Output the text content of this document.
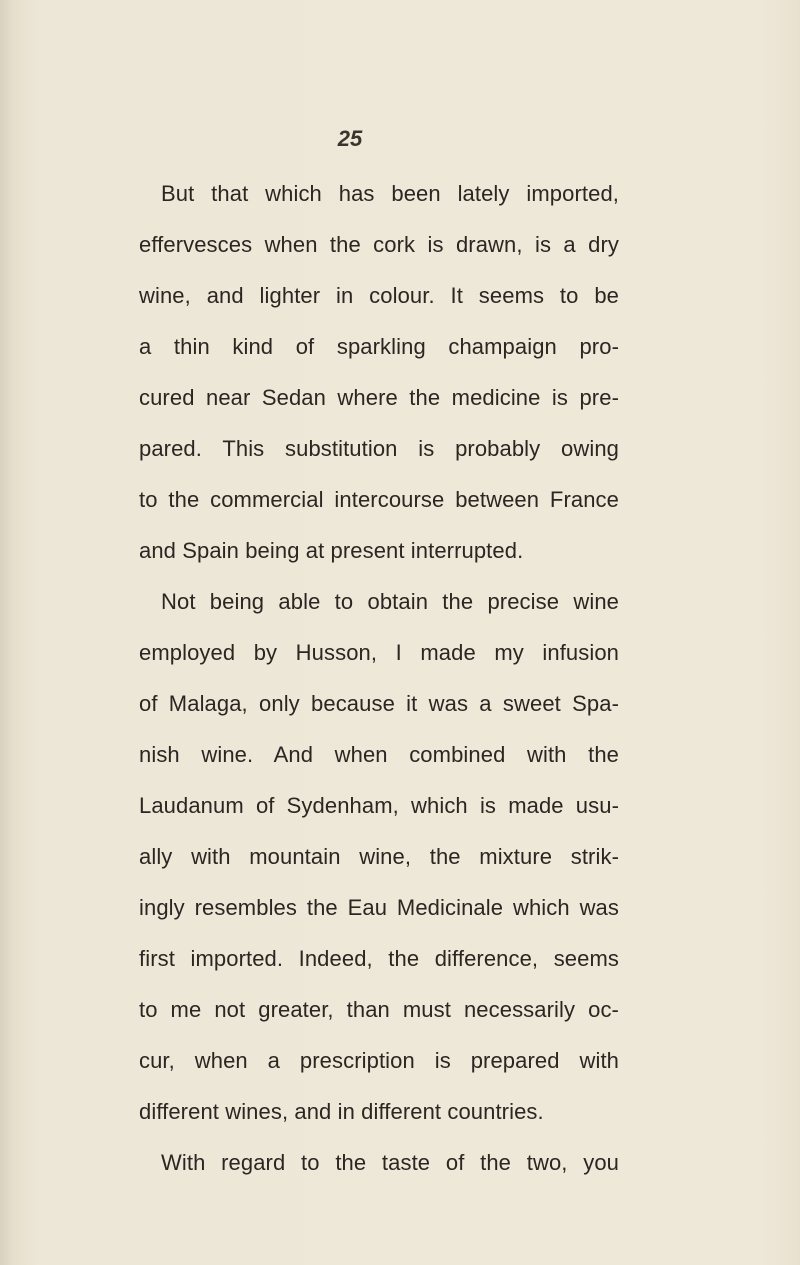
25
But that which has been lately imported,
effervesces when the cork is drawn, is a dry
wine, and lighter in colour. It seems to be
a thin kind of sparkling champaign pro-
cured near Sedan where the medicine is pre-
pared. This substitution is probably owing
to the commercial intercourse between France
and Spain being at present interrupted.
Not being able to obtain the precise wine
employed by Husson, I made my infusion
of Malaga, only because it was a sweet Spa-
nish wine. And when combined with the
Laudanum of Sydenham, which is made usu-
ally with mountain wine, the mixture strik-
ingly resembles the Eau Medicinale which was
first imported. Indeed, the difference, seems
to me not greater, than must necessarily oc-
cur, when a prescription is prepared with
different wines, and in different countries.
With regard to the taste of the two, you
